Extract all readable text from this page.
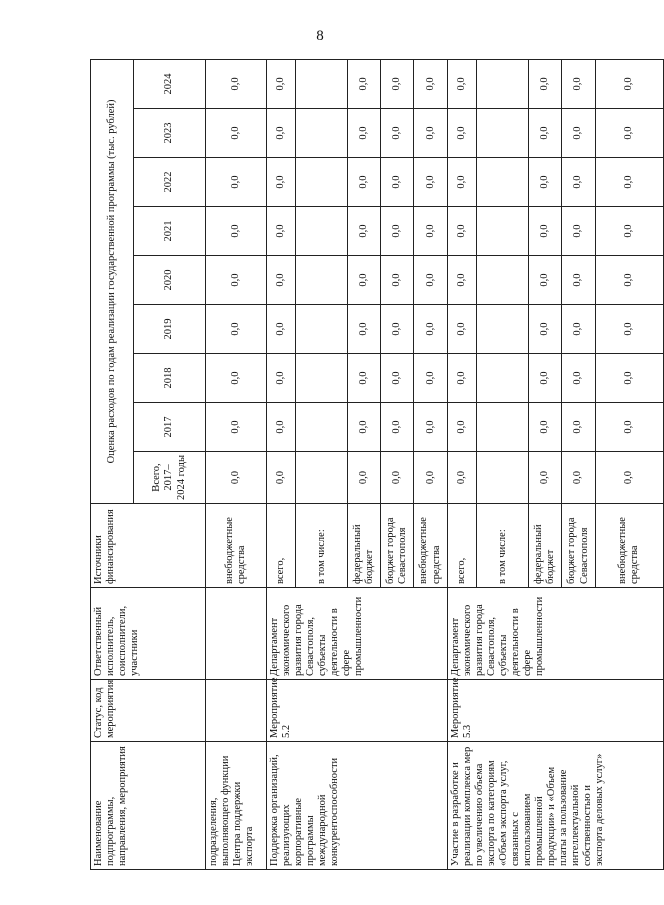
8
Наименование подпрограммы, направления, мероприятия	Статус, код мероприятия	Ответственный исполнитель, соисполнители, участники	Источники финансирования	Оценка расходов по годам реализации государственной программы (тыс. рублей)								
				Всего, 2017–2024 годы	2017	2018	2019	2020	2021	2022	2023	2024
подразделения, выполняющего функции Центра поддержки экспорта			внебюджетные средства	0,0	0,0	0,0	0,0	0,0	0,0	0,0	0,0	0,0
Поддержка организаций, реализующих корпоративные программы международной конкурентоспособности	Мероприятие 5.2	Департамент экономического развития города Севастополя, субъекты деятельности в сфере промышленности	всего,	0,0	0,0	0,0	0,0	0,0	0,0	0,0	0,0	0,0
			в том числе:									
			федеральный бюджет	0,0	0,0	0,0	0,0	0,0	0,0	0,0	0,0	0,0
			бюджет города Севастополя	0,0	0,0	0,0	0,0	0,0	0,0	0,0	0,0	0,0
			внебюджетные средства	0,0	0,0	0,0	0,0	0,0	0,0	0,0	0,0	0,0
Участие в разработке и реализации комплекса мер по увеличению объема экспорта по категориям «Объем экспорта услуг, связанных с использованием промышленной продукции» и «Объем платы за пользование интеллектуальной собственностью и экспорта деловых услуг»	Мероприятие 5.3	Департамент экономического развития города Севастополя, субъекты деятельности в сфере промышленности	всего,	0,0	0,0	0,0	0,0	0,0	0,0	0,0	0,0	0,0
			в том числе:									
			федеральный бюджет	0,0	0,0	0,0	0,0	0,0	0,0	0,0	0,0	0,0
			бюджет города Севастополя	0,0	0,0	0,0	0,0	0,0	0,0	0,0	0,0	0,0
			внебюджетные средства	0,0	0,0	0,0	0,0	0,0	0,0	0,0	0,0	0,0
